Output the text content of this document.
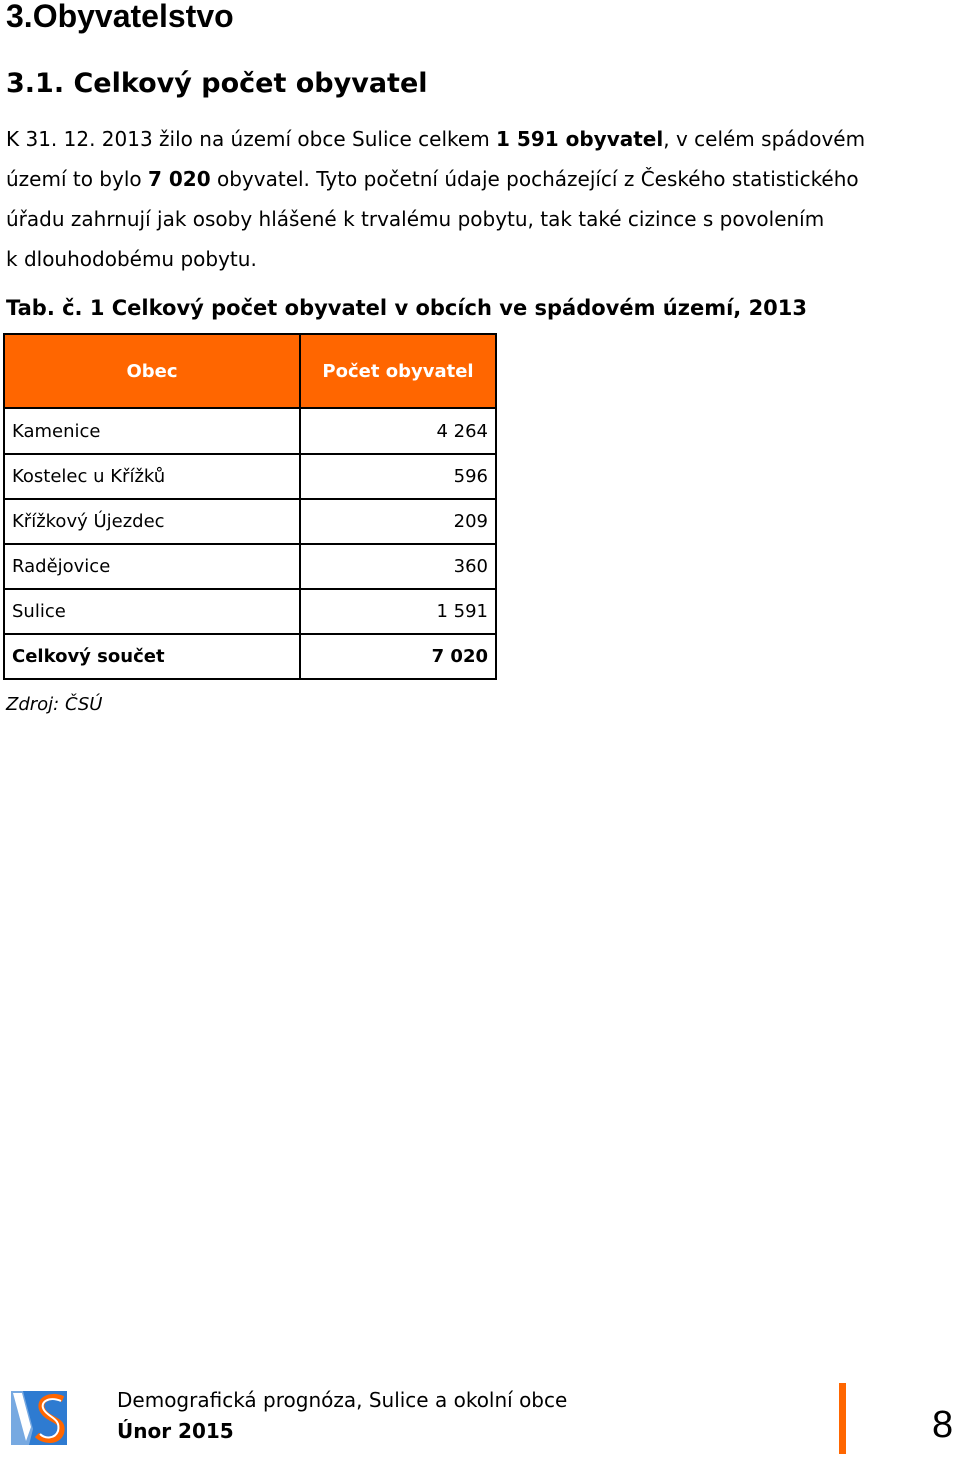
3.Obyvatelstvo
3.1. Celkový počet obyvatel
K 31. 12. 2013 žilo na území obce Sulice celkem 1 591 obyvatel, v celém spádovém
území to bylo 7 020 obyvatel. Tyto početní údaje pocházející z Českého statistického
úřadu zahrnují jak osoby hlášené k trvalému pobytu, tak také cizince s povolením
k dlouhodobému pobytu.

Tab. č. 1 Celkový počet obyvatel v obcích ve spádovém území, 2013

Obec	Počet obyvatel
Kamenice	4 264
Kostelec u Křížků	596
Křížkový Újezdec	209
Radějovice	360
Sulice	1 591
Celkový součet	7 020

Zdroj: ČSÚ

Demografická prognóza, Sulice a okolní obce

Únor 2015	8
